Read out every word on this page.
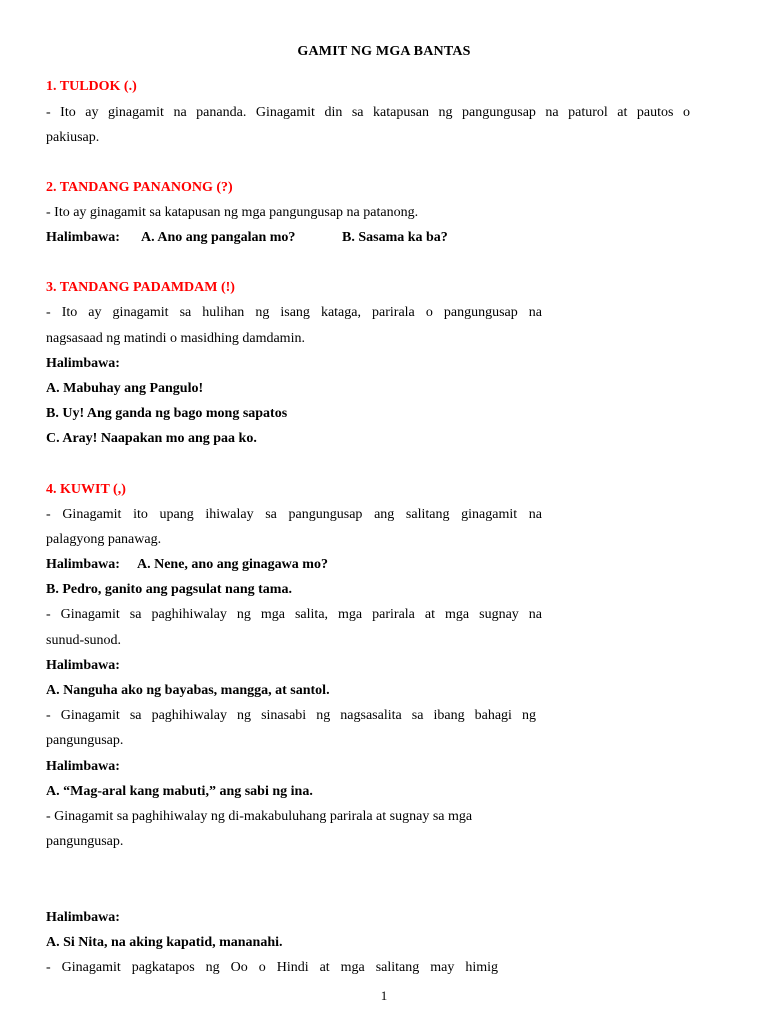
GAMIT NG MGA BANTAS
1. TULDOK (.)
- Ito ay ginagamit na pananda. Ginagamit din sa katapusan ng pangungusap na paturol at pautos o
pakiusap.
2. TANDANG PANANONG (?)
- Ito ay ginagamit sa katapusan ng mga pangungusap na patanong.
Halimbawa: A. Ano ang pangalan mo?	B. Sasama ka ba?
3. TANDANG PADAMDAM (!)
- Ito ay ginagamit sa hulihan ng isang kataga, parirala o pangungusap na
nagsasaad ng matindi o masidhing damdamin.
Halimbawa:
A. Mabuhay ang Pangulo!
B. Uy! Ang ganda ng bago mong sapatos
C. Aray! Naapakan mo ang paa ko.
4. KUWIT (,)
- Ginagamit ito upang ihiwalay sa pangungusap ang salitang ginagamit na
palagyong panawag.
Halimbawa: A. Nene, ano ang ginagawa mo?
B. Pedro, ganito ang pagsulat nang tama.
- Ginagamit sa paghihiwalay ng mga salita, mga parirala at mga sugnay na
sunud-sunod.
Halimbawa:
A. Nanguha ako ng bayabas, mangga, at santol.
- Ginagamit sa paghihiwalay ng sinasabi ng nagsasalita sa ibang bahagi ng
pangungusap.
Halimbawa:
A. “Mag-aral kang mabuti,” ang sabi ng ina.
- Ginagamit sa paghihiwalay ng di-makabuluhang parirala at sugnay sa mga
pangungusap.
Halimbawa:
A. Si Nita, na aking kapatid, mananahi.
- Ginagamit pagkatapos ng Oo o Hindi at mga salitang may himig
1
